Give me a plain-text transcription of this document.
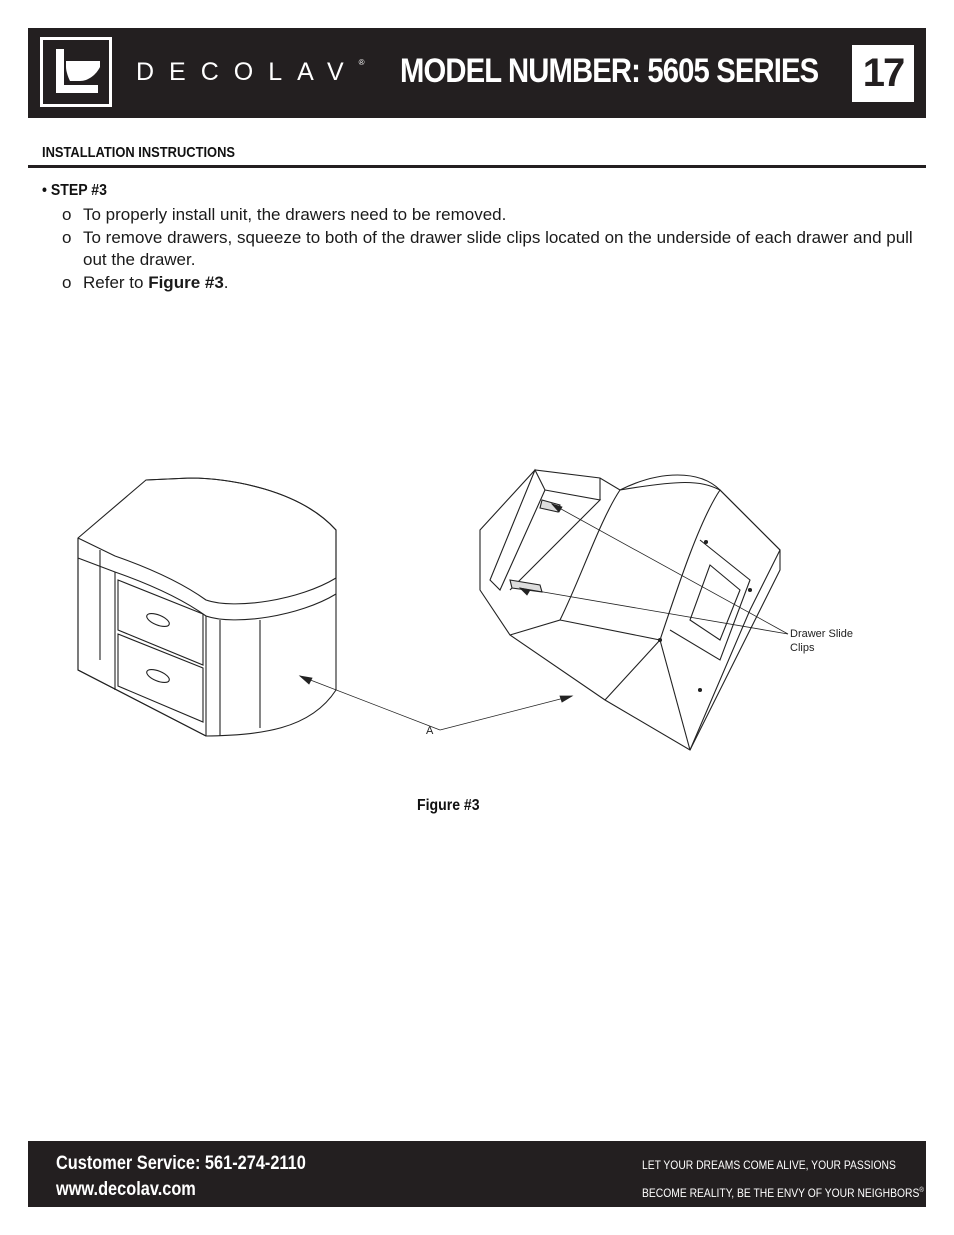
DECOLAV® MODEL NUMBER: 5605 SERIES 17
INSTALLATION INSTRUCTIONS
• STEP #3
o To properly install unit, the drawers need to be removed.
o To remove drawers, squeeze to both of the drawer slide clips located on the underside of each drawer and pull out the drawer.
o Refer to Figure #3.
Drawer Slide
Clips
A
Figure #3
Customer Service: 561-274-2110
www.decolav.com
LET YOUR DREAMS COME ALIVE, YOUR PASSIONS
BECOME REALITY, BE THE ENVY OF YOUR NEIGHBORS®
